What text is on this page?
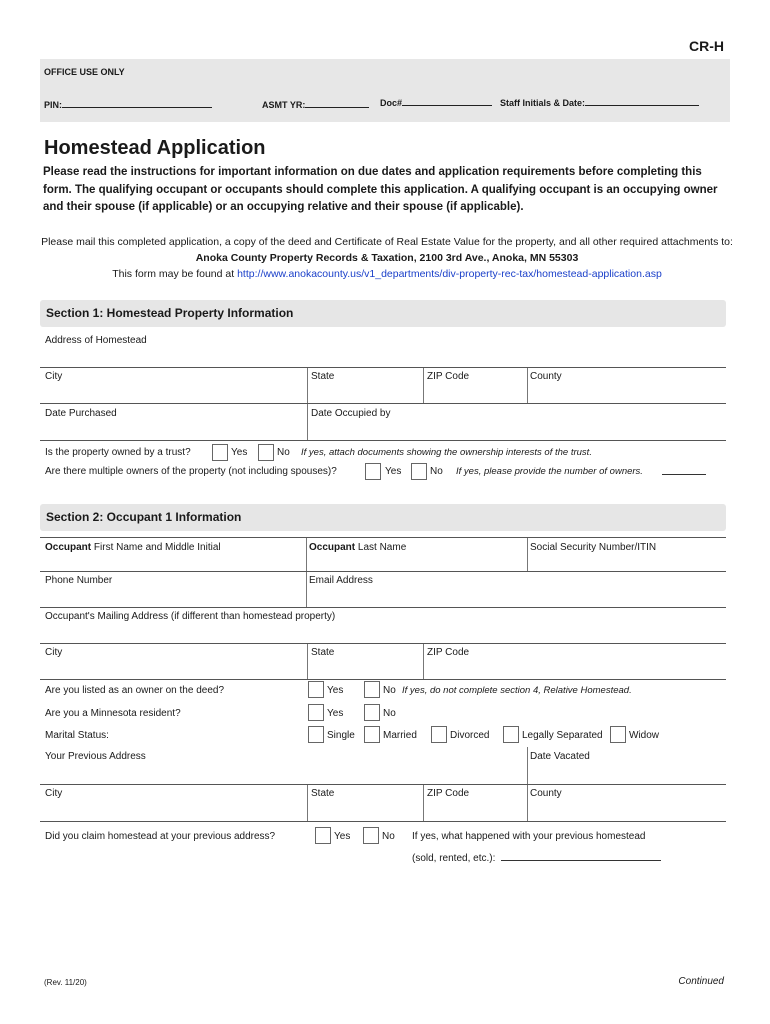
CR-H
OFFICE USE ONLY
PIN:	ASMT YR:	Doc#	Staff Initials & Date:
Homestead Application
Please read the instructions for important information on due dates and application requirements before completing this form. The qualifying occupant or occupants should complete this application. A qualifying occupant is an occupying owner and their spouse (if applicable) or an occupying relative and their spouse (if applicable).
Please mail this completed application, a copy of the deed and Certificate of Real Estate Value for the property, and all other required attachments to:
Anoka County Property Records & Taxation, 2100 3rd Ave., Anoka, MN 55303
This form may be found at http://www.anokacounty.us/v1_departments/div-property-rec-tax/homestead-application.asp
Section 1: Homestead Property Information
Address of Homestead
City	State	ZIP Code	County
Date Purchased	Date Occupied by
Is the property owned by a trust?	Yes	No If yes, attach documents showing the ownership interests of the trust.
Are there multiple owners of the property (not including spouses)?	Yes	No If yes, please provide the number of owners.
Section 2: Occupant 1 Information
Occupant First Name and Middle Initial	Occupant Last Name	Social Security Number/ITIN
Phone Number	Email Address
Occupant's Mailing Address (if different than homestead property)
City	State	ZIP Code
Are you listed as an owner on the deed?	Yes	No If yes, do not complete section 4, Relative Homestead.
Are you a Minnesota resident?	Yes	No
Marital Status:	Single	Married	Divorced	Legally Separated	Widow
Your Previous Address	Date Vacated
City	State	ZIP Code	County
Did you claim homestead at your previous address?	Yes	No If yes, what happened with your previous homestead
(sold, rented, etc.):
(Rev. 11/20)	Continued
